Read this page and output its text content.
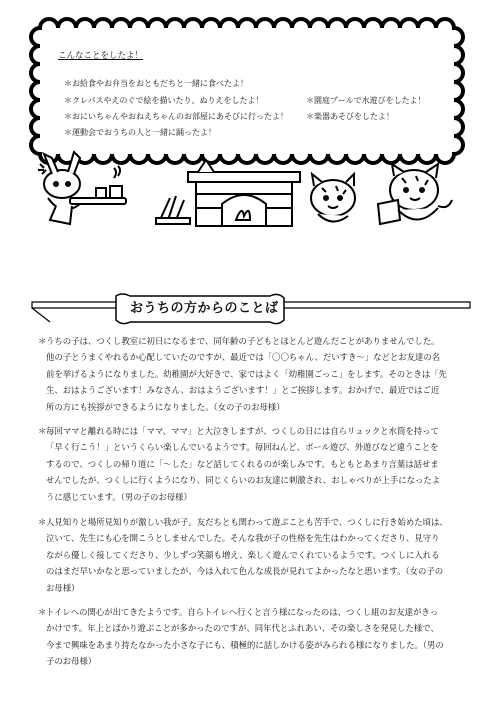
こんなことをしたよ！
＊お給食やお弁当をおともだちと一緒に食べたよ！
＊クレパスやえのぐで絵を描いたり、ぬりえをしたよ！
＊おにいちゃんやおねえちゃんのお部屋にあそびに行ったよ！
＊運動会でおうちの人と一緒に踊ったよ！
＊園庭プールで水遊びをしたよ！
＊楽器あそびをしたよ！
おうちの方からのことば
＊ うちの子は、つくし教室に初日になるまで、同年齢の子どもとほとんど遊んだことがありませんでした。
他の子とうまくやれるか心配していたのですが、最近では「〇〇ちゃん、だいすき〜」などとお友達の名
前を挙げるようになりました。幼稚園が大好きで、家ではよく「幼稚園ごっこ」をします。そのときは「先
生、おはようございます！みなさん、おはようございます！」とご挨拶します。おかげで、最近ではご近
所の方にも挨拶ができるようになりました。（女の子のお母様）
＊ 毎回ママと離れる時には「ママ、ママ」と大泣きしますが、つくしの日には自らリュックと水筒を持って
「早く行こう！」というくらい楽しんでいるようです。毎回ねんど、ボール遊び、外遊びなど違うことを
するので、つくしの帰り道に「〜した」など話してくれるのが楽しみです。もともとあまり言葉は話せま
せんでしたが、つくしに行くようになり、同じくらいのお友達に刺激され、おしゃべりが上手になったよ
うに感じています。（男の子のお母様）
＊ 人見知りと場所見知りが激しい我が子。友だちとも関わって遊ぶことも苦手で、つくしに行き始めた頃は、
泣いて、先生にも心を開こうとしませんでした。そんな我が子の性格を先生はわかってくださり、見守り
ながら優しく接してくださり、少しずつ笑顔も増え、楽しく遊んでくれているようです。つくしに入れる
のはまだ早いかなと思っていましたが、今は入れて色んな成長が見れてよかったなと思います。（女の子の
お母様）
＊ トイレへの関心が出てきたようです。自らトイレへ行くと言う様になったのは、つくし組のお友達がきっ
かけです。年上とばかり遊ぶことが多かったのですが、同年代とふれあい、その楽しさを発見した様で、
今まで興味をあまり持たなかった小さな子にも、積極的に話しかける姿がみられる様になりました。（男の
子のお母様）
